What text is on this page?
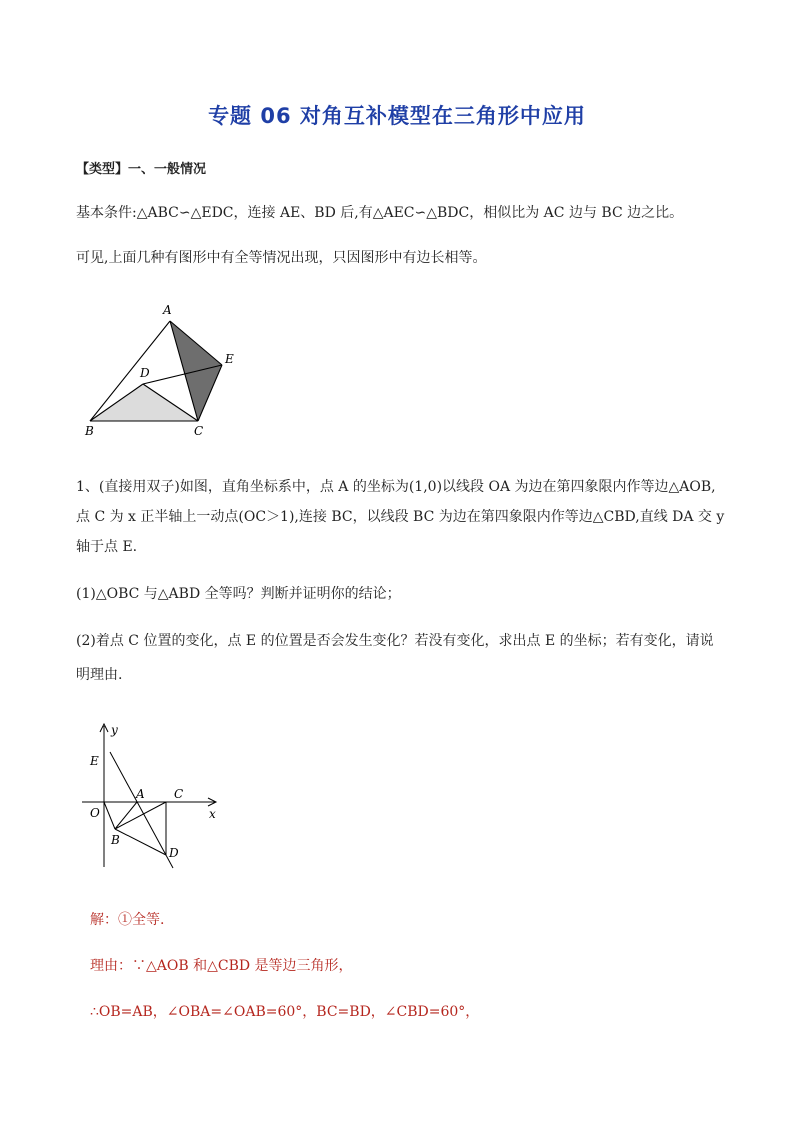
专题 06 对角互补模型在三角形中应用
【类型】一、一般情况
基本条件:△ABC∽△EDC，连接 AE、BD 后,有△AEC∽△BDC，相似比为 AC 边与 BC 边之比。
可见,上面几种有图形中有全等情况出现，只因图形中有边长相等。
A
E
D
B	C
1、(直接用双子)如图，直角坐标系中，点 A 的坐标为(1,0)以线段 OA 为边在第四象限内作等边△AOB,点 C 为 x 正半轴上一动点(OC＞1),连接 BC，以线段 BC 为边在第四象限内作等边△CBD,直线 DA 交 y 轴于点 E.
(1)△OBC 与△ABD 全等吗？判断并证明你的结论；
(2)着点 C 位置的变化，点 E 的位置是否会发生变化？若没有变化，求出点 E 的坐标；若有变化，请说明理由.
y
x
E
O
A C
B
D
解：①全等.
理由：∵△AOB 和△CBD 是等边三角形，
∴OB=AB，∠OBA=∠OAB=60°，BC=BD，∠CBD=60°，
